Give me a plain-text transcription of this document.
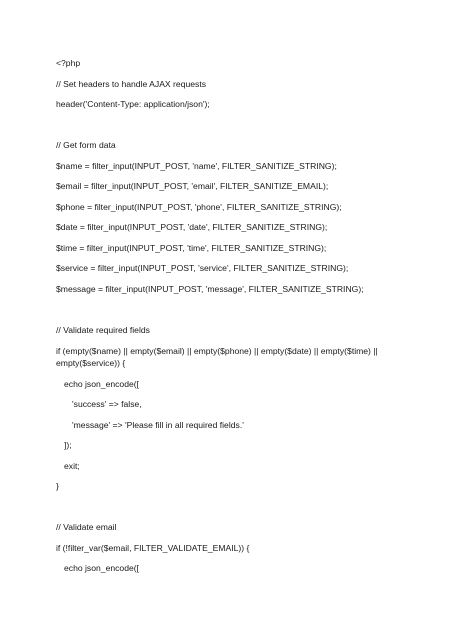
<?php
// Set headers to handle AJAX requests
header('Content-Type: application/json');
// Get form data
$name = filter_input(INPUT_POST, 'name', FILTER_SANITIZE_STRING);
$email = filter_input(INPUT_POST, 'email', FILTER_SANITIZE_EMAIL);
$phone = filter_input(INPUT_POST, 'phone', FILTER_SANITIZE_STRING);
$date = filter_input(INPUT_POST, 'date', FILTER_SANITIZE_STRING);
$time = filter_input(INPUT_POST, 'time', FILTER_SANITIZE_STRING);
$service = filter_input(INPUT_POST, 'service', FILTER_SANITIZE_STRING);
$message = filter_input(INPUT_POST, 'message', FILTER_SANITIZE_STRING);
// Validate required fields
if (empty($name) || empty($email) || empty($phone) || empty($date) || empty($time) || empty($service)) {
echo json_encode([
'success' => false,
'message' => 'Please fill in all required fields.'
]);
exit;
}
// Validate email
if (!filter_var($email, FILTER_VALIDATE_EMAIL)) {
echo json_encode([
